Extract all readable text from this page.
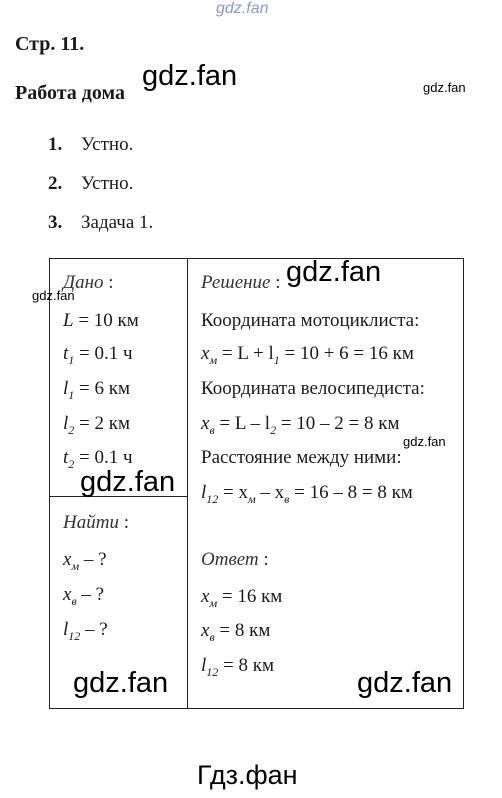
gdz.fan
Стр. 11.
Работа дома
gdz.fan	gdz.fan
1. Устно.
2. Устно.
3. Задача 1.
Дано :
gdz.fan
L = 10 км
$t_1 = 0.1$ ч
$l_1 = 6$ км
$l_2 = 2$ км
$t_2 = 0.1$ ч
gdz.fan
Найти :
$x_м$ – ?
$x_в$ – ?
$l_{12}$ – ?
Решение : gdz.fan
Координата мотоциклиста:
$x_м = L + l_1 = 10 + 6 = 16$ км
Координата велосипедиста:
$x_в = L - l_2 = 10 - 2 = 8$ км
gdz.fan
Расстояние между ними:
$l_{12} = x_м - x_в = 16 - 8 = 8$ км
Ответ :
$x_м = 16$ км
$x_в = 8$ км
$l_{12} = 8$ км
gdz.fan	gdz.fan
Гдз.фан
